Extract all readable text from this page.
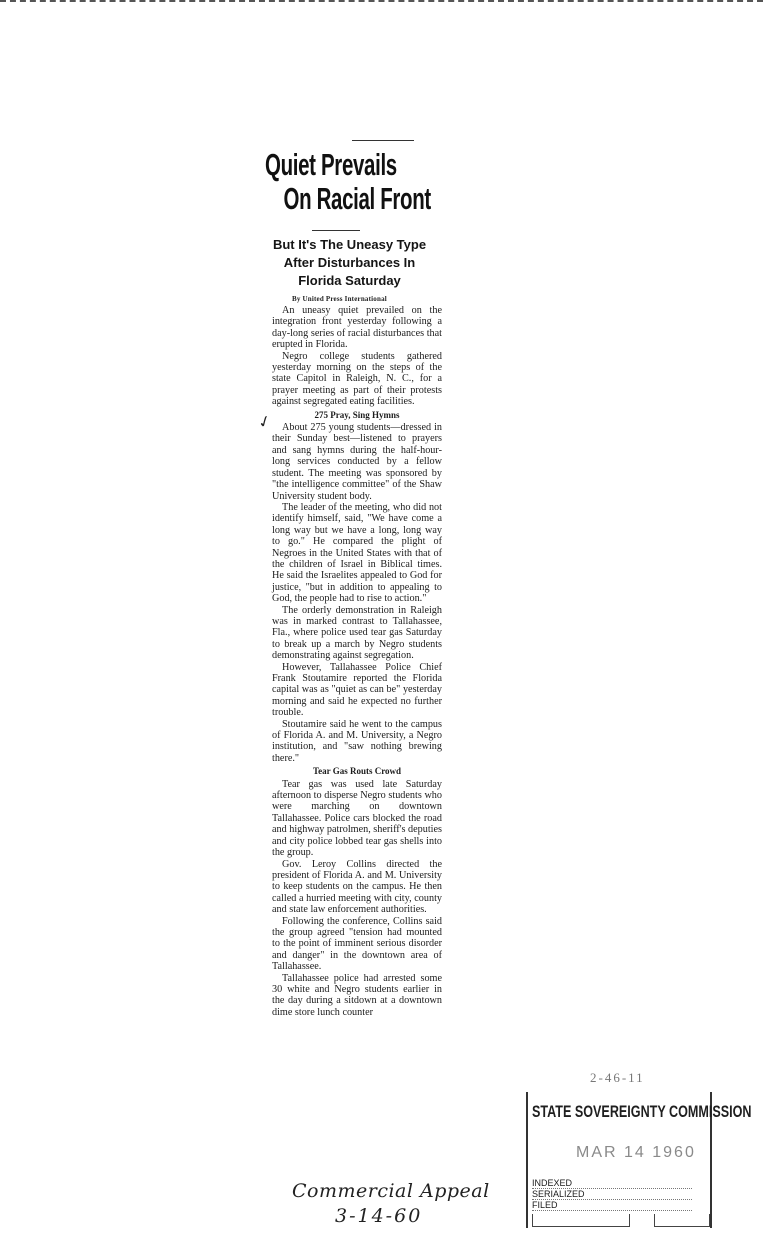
Quiet Prevails
On Racial Front
But It's The Uneasy Type After Disturbances In Florida Saturday
By United Press International

An uneasy quiet prevailed on the integration front yesterday following a day-long series of racial disturbances that erupted in Florida.

Negro college students gathered yesterday morning on the steps of the state Capitol in Raleigh, N. C., for a prayer meeting as part of their protests against segregated eating facilities.

275 Pray, Sing Hymns

About 275 young students—dressed in their Sunday best—listened to prayers and sang hymns during the half-hour-long services conducted by a fellow student. The meeting was sponsored by "the intelligence committee" of the Shaw University student body.

The leader of the meeting, who did not identify himself, said, "We have come a long way but we have a long, long way to go." He compared the plight of Negroes in the United States with that of the children of Israel in Biblical times. He said the Israelites appealed to God for justice, "but in addition to appealing to God, the people had to rise to action."

The orderly demonstration in Raleigh was in marked contrast to Tallahassee, Fla., where police used tear gas Saturday to break up a march by Negro students demonstrating against segregation.

However, Tallahassee Police Chief Frank Stoutamire reported the Florida capital was as "quiet as can be" yesterday morning and said he expected no further trouble.

Stoutamire said he went to the campus of Florida A. and M. University, a Negro institution, and "saw nothing brewing there."

Tear Gas Routs Crowd

Tear gas was used late Saturday afternoon to disperse Negro students who were marching on downtown Tallahassee. Police cars blocked the road and highway patrolmen, sheriff's deputies and city police lobbed tear gas shells into the group.

Gov. Leroy Collins directed the president of Florida A. and M. University to keep students on the campus. He then called a hurried meeting with city, county and state law enforcement authorities.

Following the conference, Collins said the group agreed "tension had mounted to the point of imminent serious disorder and danger" in the downtown area of Tallahassee.

Tallahassee police had arrested some 30 white and Negro students earlier in the day during a sitdown at a downtown dime store lunch counter

✓
Commercial Appeal
3-14-60
2-46-11
STATE SOVEREIGNTY COMMISSION
MAR 14 1960
INDEXED
SERIALIZED
FILED
